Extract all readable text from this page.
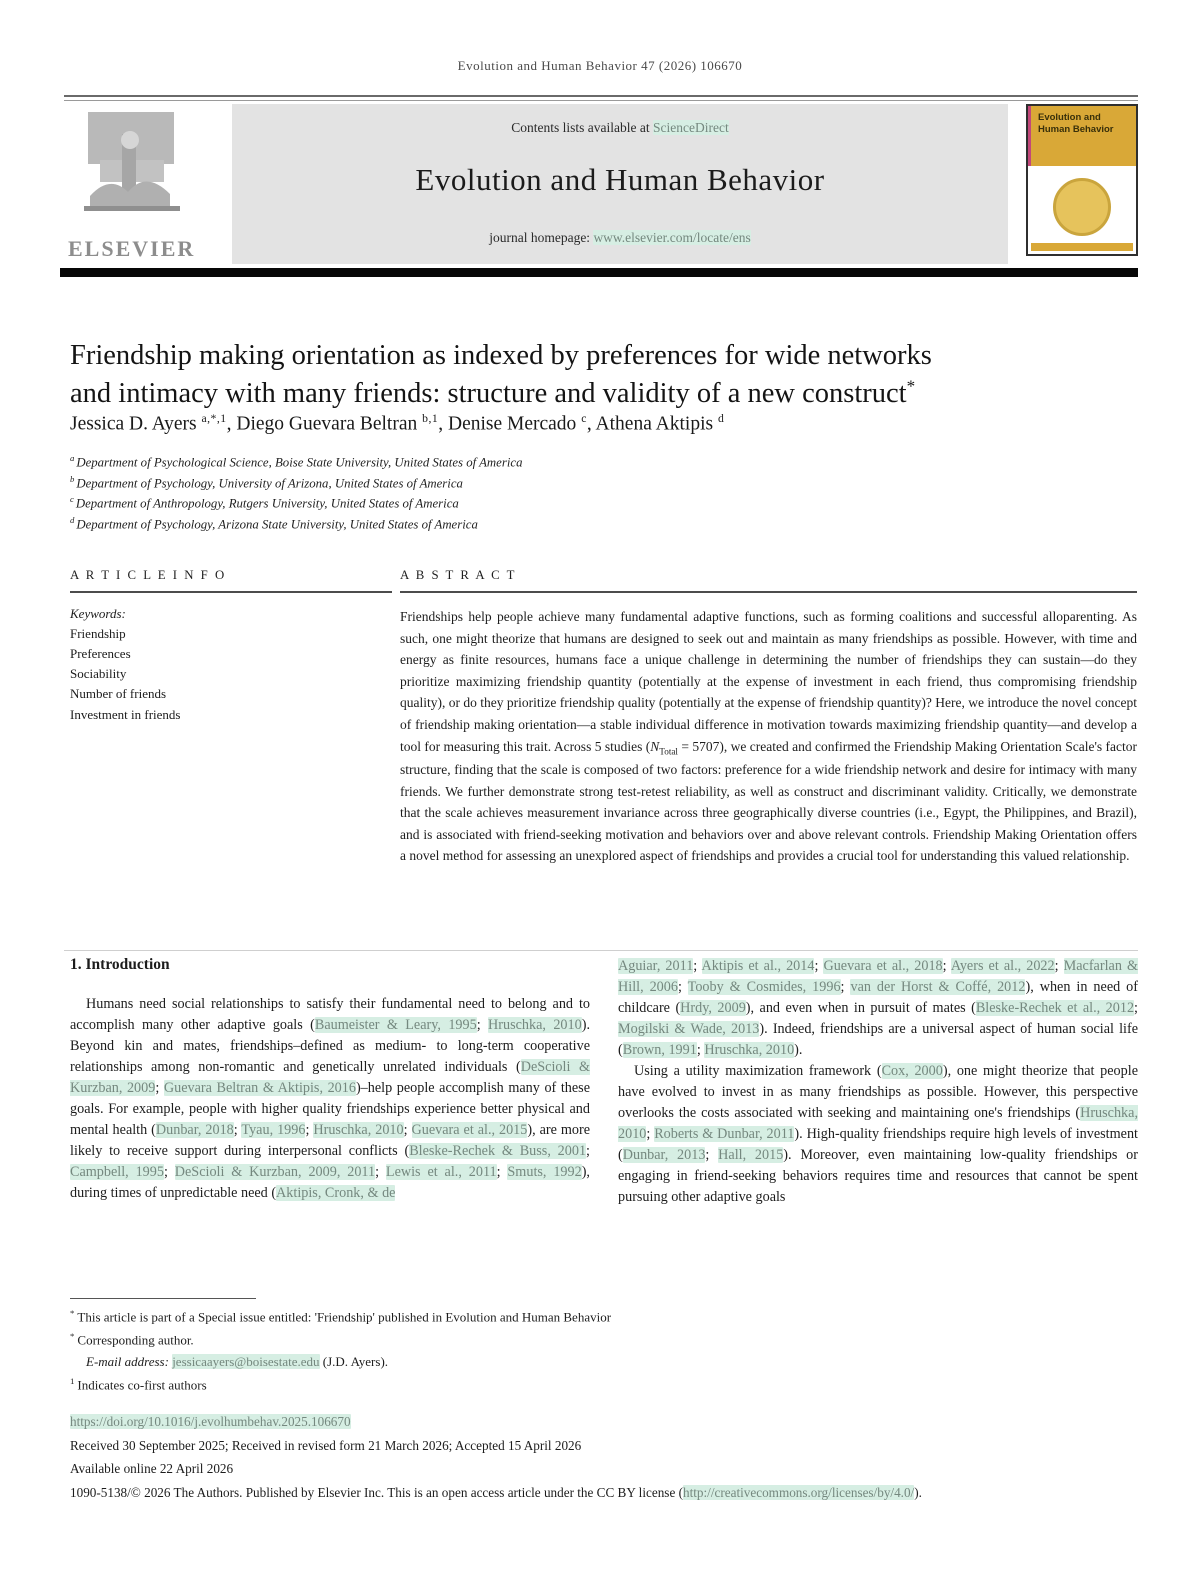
Evolution and Human Behavior 47 (2026) 106670
ELSEVIER
Contents lists available at ScienceDirect
Evolution and Human Behavior
journal homepage: www.elsevier.com/locate/ens
Evolution and
Human Behavior
Friendship making orientation as indexed by preferences for wide networks
and intimacy with many friends: structure and validity of a new construct*
Jessica D. Ayers $^{a,*,1}$, Diego Guevara Beltran $^{b,1}$, Denise Mercado $^c$, Athena Aktipis $^d$
$^a$ Department of Psychological Science, Boise State University, United States of America
$^b$ Department of Psychology, University of Arizona, United States of America
$^c$ Department of Anthropology, Rutgers University, United States of America
$^d$ Department of Psychology, Arizona State University, United States of America
A R T I C L E I N F O
Keywords:
Friendship
Preferences
Sociability
Number of friends
Investment in friends
A B S T R A C T
Friendships help people achieve many fundamental adaptive functions, such as forming coalitions and successful alloparenting. As such, one might theorize that humans are designed to seek out and maintain as many friendships as possible. However, with time and energy as finite resources, humans face a unique challenge in determining the number of friendships they can sustain—do they prioritize maximizing friendship quantity (potentially at the expense of investment in each friend, thus compromising friendship quality), or do they prioritize friendship quality (potentially at the expense of friendship quantity)? Here, we introduce the novel concept of friendship making orientation—a stable individual difference in motivation towards maximizing friendship quantity—and develop a tool for measuring this trait. Across 5 studies $(N_{Total} = 5707)$, we created and confirmed the Friendship Making Orientation Scale's factor structure, finding that the scale is composed of two factors: preference for a wide friendship network and desire for intimacy with many friends. We further demonstrate strong test-retest reliability, as well as construct and discriminant validity. Critically, we demonstrate that the scale achieves measurement invariance across three geographically diverse countries (i.e., Egypt, the Philippines, and Brazil), and is associated with friend-seeking motivation and behaviors over and above relevant controls. Friendship Making Orientation offers a novel method for assessing an unexplored aspect of friendships and provides a crucial tool for understanding this valued relationship.
1. Introduction

Humans need social relationships to satisfy their fundamental need to belong and to accomplish many other adaptive goals (Baumeister & Leary, 1995; Hruschka, 2010). Beyond kin and mates, friendships–defined as medium- to long-term cooperative relationships among non-romantic and genetically unrelated individuals (DeScioli & Kurzban, 2009; Guevara Beltran & Aktipis, 2016)–help people accomplish many of these goals. For example, people with higher quality friendships experience better physical and mental health (Dunbar, 2018; Tyau, 1996; Hruschka, 2010; Guevara et al., 2015), are more likely to receive support during interpersonal conflicts (Bleske-Rechek & Buss, 2001; Campbell, 1995; DeScioli & Kurzban, 2009, 2011; Lewis et al., 2011; Smuts, 1992), during times of unpredictable need (Aktipis, Cronk, & de

Aguiar, 2011; Aktipis et al., 2014; Guevara et al., 2018; Ayers et al., 2022; Macfarlan & Hill, 2006; Tooby & Cosmides, 1996; van der Horst & Coffé, 2012), when in need of childcare (Hrdy, 2009), and even when in pursuit of mates (Bleske-Rechek et al., 2012; Mogilski & Wade, 2013). Indeed, friendships are a universal aspect of human social life (Brown, 1991; Hruschka, 2010).

Using a utility maximization framework (Cox, 2000), one might theorize that people have evolved to invest in as many friendships as possible. However, this perspective overlooks the costs associated with seeking and maintaining one's friendships (Hruschka, 2010; Roberts & Dunbar, 2011). High-quality friendships require high levels of investment (Dunbar, 2013; Hall, 2015). Moreover, even maintaining low-quality friendships or engaging in friend-seeking behaviors requires time and resources that cannot be spent pursuing other adaptive goals

* This article is part of a Special issue entitled: 'Friendship' published in Evolution and Human Behavior
* Corresponding author.
E-mail address: jessicaayers@boisestate.edu (J.D. Ayers).
$^1$ Indicates co-first authors
https://doi.org/10.1016/j.evolhumbehav.2025.106670
Received 30 September 2025; Received in revised form 21 March 2026; Accepted 15 April 2026
Available online 22 April 2026
1090-5138/© 2026 The Authors. Published by Elsevier Inc. This is an open access article under the CC BY license (http://creativecommons.org/licenses/by/4.0/).
